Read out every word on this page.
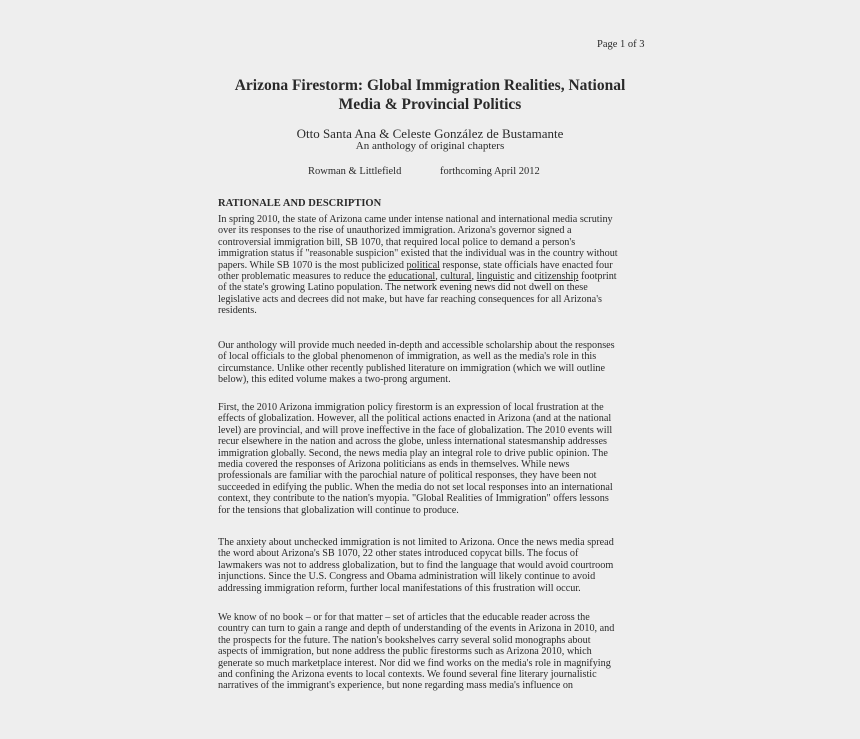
Page 1 of 3
Arizona Firestorm: Global Immigration Realities, National
Media & Provincial Politics
Otto Santa Ana & Celeste González de Bustamante
An anthology of original chapters
Rowman & Littlefield	forthcoming April 2012
RATIONALE AND DESCRIPTION
In spring 2010, the state of Arizona came under intense national and international media scrutiny
over its responses to the rise of unauthorized immigration. Arizona's governor signed a
controversial immigration bill, SB 1070, that required local police to demand a person's
immigration status if "reasonable suspicion" existed that the individual was in the country without
papers. While SB 1070 is the most publicized political response, state officials have enacted four
other problematic measures to reduce the educational, cultural, linguistic and citizenship footprint
of the state's growing Latino population. The network evening news did not dwell on these
legislative acts and decrees did not make, but have far reaching consequences for all Arizona's
residents.
Our anthology will provide much needed in-depth and accessible scholarship about the responses
of local officials to the global phenomenon of immigration, as well as the media's role in this
circumstance. Unlike other recently published literature on immigration (which we will outline
below), this edited volume makes a two-prong argument.
First, the 2010 Arizona immigration policy firestorm is an expression of local frustration at the
effects of globalization. However, all the political actions enacted in Arizona (and at the national
level) are provincial, and will prove ineffective in the face of globalization. The 2010 events will
recur elsewhere in the nation and across the globe, unless international statesmanship addresses
immigration globally. Second, the news media play an integral role to drive public opinion. The
media covered the responses of Arizona politicians as ends in themselves. While news
professionals are familiar with the parochial nature of political responses, they have been not
succeeded in edifying the public. When the media do not set local responses into an international
context, they contribute to the nation's myopia. "Global Realities of Immigration" offers lessons
for the tensions that globalization will continue to produce.
The anxiety about unchecked immigration is not limited to Arizona. Once the news media spread
the word about Arizona's SB 1070, 22 other states introduced copycat bills. The focus of
lawmakers was not to address globalization, but to find the language that would avoid courtroom
injunctions. Since the U.S. Congress and Obama administration will likely continue to avoid
addressing immigration reform, further local manifestations of this frustration will occur.
We know of no book – or for that matter – set of articles that the educable reader across the
country can turn to gain a range and depth of understanding of the events in Arizona in 2010, and
the prospects for the future. The nation's bookshelves carry several solid monographs about
aspects of immigration, but none address the public firestorms such as Arizona 2010, which
generate so much marketplace interest. Nor did we find works on the media's role in magnifying
and confining the Arizona events to local contexts. We found several fine literary journalistic
narratives of the immigrant's experience, but none regarding mass media's influence on
